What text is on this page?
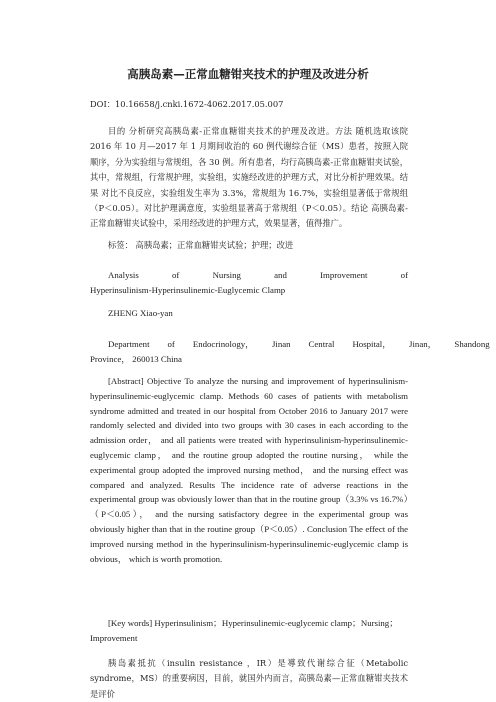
高胰岛素—正常血糖钳夹技术的护理及改进分析
DOI：10.16658/j.cnki.1672-4062.2017.05.007
目的 分析研究高胰岛素-正常血糖钳夹技术的护理及改进。方法 随机选取该院 2016 年 10 月—2017 年 1 月期间收治的 60 例代谢综合征（MS）患者，按照入院顺序，分为实验组与常规组，各 30 例。所有患者，均行高胰岛素-正常血糖钳夹试验，其中，常规组，行常规护理，实验组，实施经改进的护理方式，对比分析护理效果。结果 对比不良反应，实验组发生率为 3.3%，常规组为 16.7%，实验组显著低于常规组（P＜0.05）。对比护理满意度，实验组显著高于常规组（P＜0.05）。结论 高胰岛素-正常血糖钳夹试验中，采用经改进的护理方式，效果显著，值得推广。
标签： 高胰岛素；正常血糖钳夹试验；护理；改进
Analysis	of	Nursing	and	Improvement	of
Hyperinsulinism-Hyperinsulinemic-Euglycemic Clamp
ZHENG Xiao-yan
Department	of	Endocrinology，	Jinan	Central	Hospital，	Jinan，	Shandong
Province， 260013 China
[Abstract] Objective To analyze the nursing and improvement of hyperinsulinism- hyperinsulinemic-euglycemic clamp. Methods 60 cases of patients with metabolism syndrome admitted and treated in our hospital from October 2016 to January 2017 were randomly selected and divided into two groups with 30 cases in each according to the admission order， and all patients were treated with hyperinsulinism-hyperinsulinemic-euglycemic clamp， and the routine group adopted the routine nursing， while the experimental group adopted the improved nursing method， and the nursing effect was compared and analyzed. Results The incidence rate of adverse reactions in the experimental group was obviously lower than that in the routine group（3.3% vs 16.7%）（P＜0.05）， and the nursing satisfactory degree in the experimental group was obviously higher than that in the routine group（P＜0.05）. Conclusion The effect of the improved nursing method in the hyperinsulinism-hyperinsulinemic-euglycemic clamp is obvious， which is worth promotion.
[Key words] Hyperinsulinism；Hyperinsulinemic-euglycemic clamp；Nursing；Improvement
胰岛素抵抗（insulin resistance ，IR）是導致代谢综合征（Metabolic syndrome，MS）的重要病因，目前，就国外内而言，高胰岛素—正常血糖钳夹技术是评价
